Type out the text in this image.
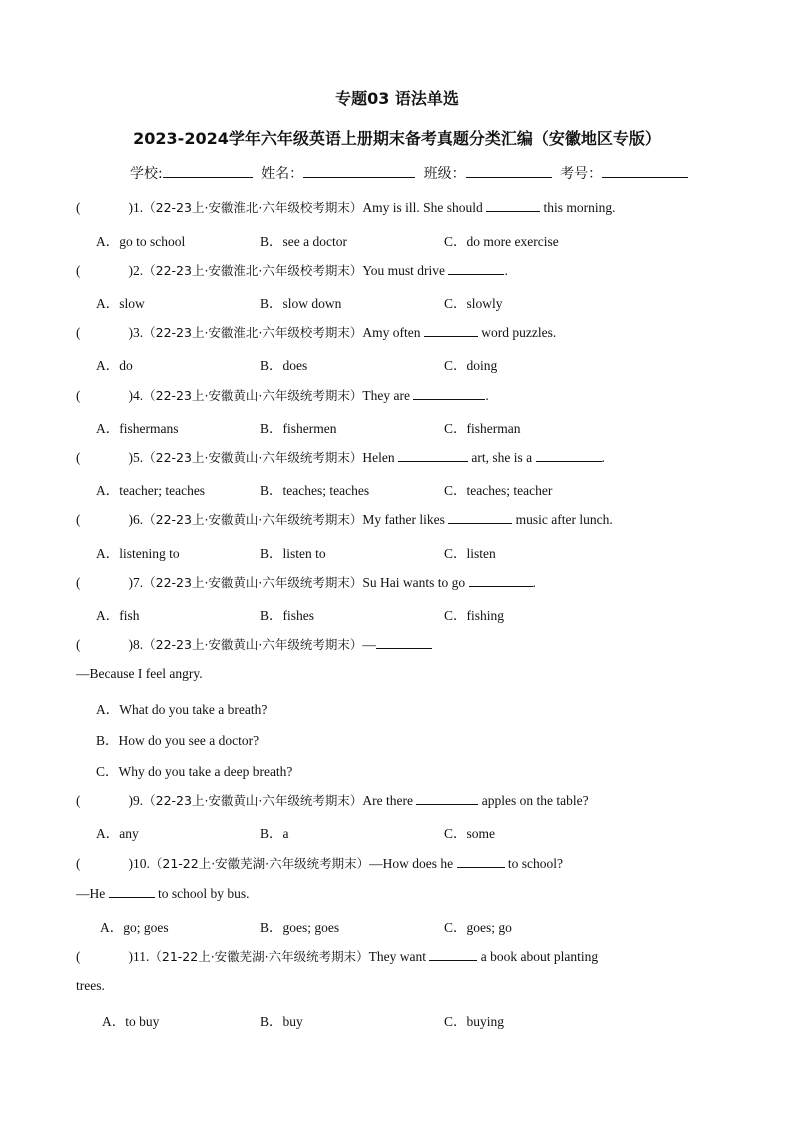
专题03 语法单选
2023-2024学年六年级英语上册期末备考真题分类汇编（安徽地区专版）
学校:	姓名：	班级：	考号：
(	)1.（22-23上·安徽淮北·六年级校考期末）Amy is ill. She should	this morning.
A．go to school	B．see a doctor	C．do more exercise
(	)2.（22-23上·安徽淮北·六年级校考期末）You must drive	.
A．slow	B．slow down	C．slowly
(	)3.（22-23上·安徽淮北·六年级校考期末）Amy often	word puzzles.
A．do	B．does	C．doing
(	)4.（22-23上·安徽黄山·六年级统考期末）They are	.
A．fishermans	B．fishermen	C．fisherman
(	)5.（22-23上·安徽黄山·六年级统考期末）Helen	art, she is a	.
A．teacher; teaches	B．teaches; teaches	C．teaches; teacher
(	)6.（22-23上·安徽黄山·六年级统考期末）My father likes	music after lunch.
A．listening to	B．listen to	C．listen
(	)7.（22-23上·安徽黄山·六年级统考期末）Su Hai wants to go	.
A．fish	B．fishes	C．fishing
(	)8.（22-23上·安徽黄山·六年级统考期末）—
—Because I feel angry.
A．What do you take a breath?
B．How do you see a doctor?
C．Why do you take a deep breath?
(	)9.（22-23上·安徽黄山·六年级统考期末）Are there	apples on the table?
A．any	B．a	C．some
(	)10.（21-22上·安徽芜湖·六年级统考期末）—How does he	to school?
—He	to school by bus.
A．go; goes	B．goes; goes	C．goes; go
(	)11.（21-22上·安徽芜湖·六年级统考期末）They want	a book about planting
trees.
A．to buy	B．buy	C．buying
